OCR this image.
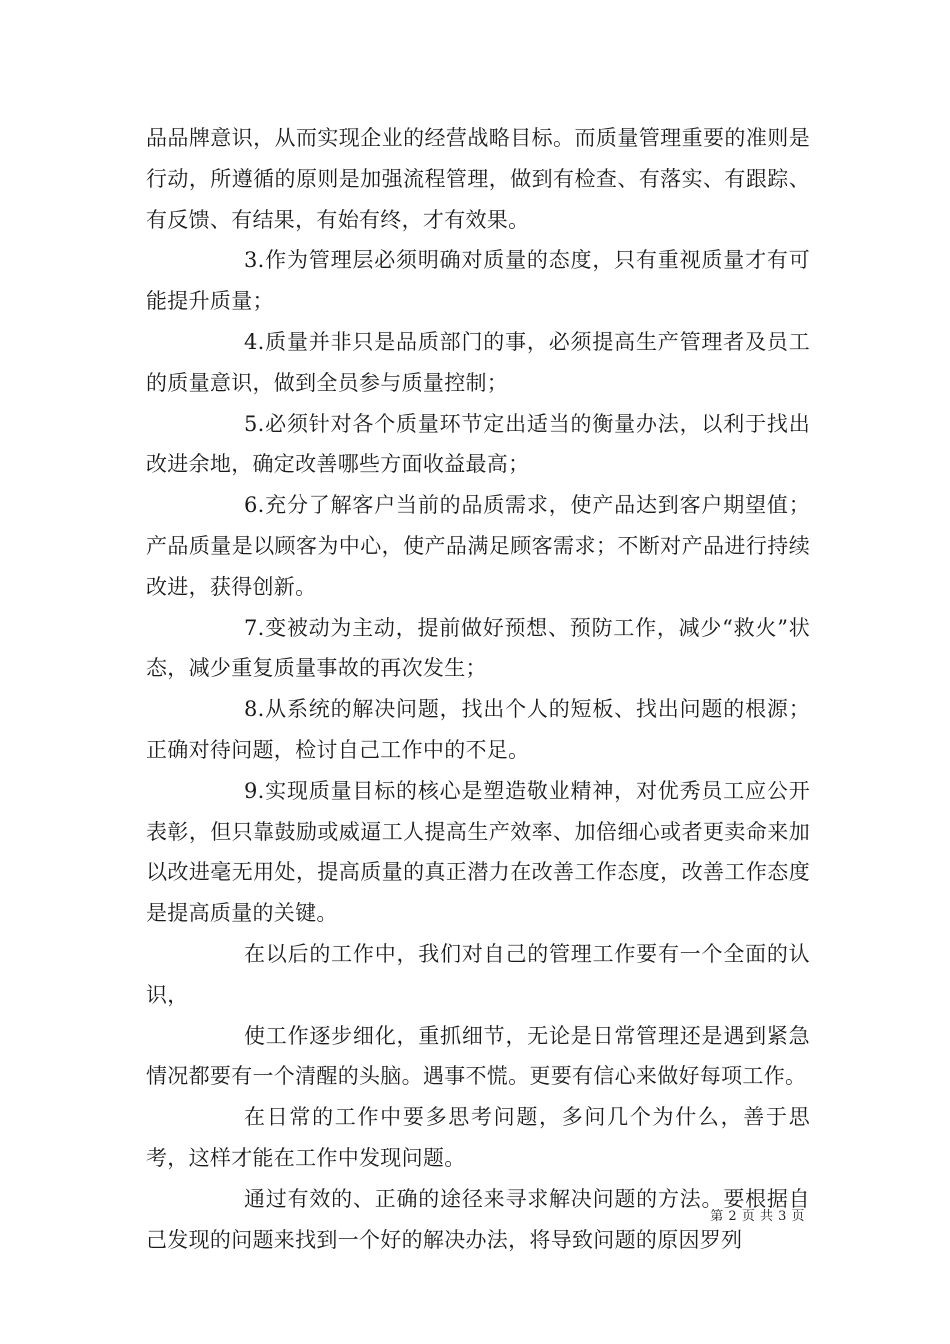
品品牌意识，从而实现企业的经营战略目标。而质量管理重要的准则是行动，所遵循的原则是加强流程管理，做到有检查、有落实、有跟踪、有反馈、有结果，有始有终，才有效果。

3.作为管理层必须明确对质量的态度，只有重视质量才有可能提升质量；

4.质量并非只是品质部门的事，必须提高生产管理者及员工的质量意识，做到全员参与质量控制；

5.必须针对各个质量环节定出适当的衡量办法，以利于找出改进余地，确定改善哪些方面收益最高；

6.充分了解客户当前的品质需求，使产品达到客户期望值；产品质量是以顾客为中心，使产品满足顾客需求；不断对产品进行持续改进，获得创新。

7.变被动为主动，提前做好预想、预防工作，减少“救火”状态，减少重复质量事故的再次发生；

8.从系统的解决问题，找出个人的短板、找出问题的根源；正确对待问题，检讨自己工作中的不足。

9.实现质量目标的核心是塑造敬业精神，对优秀员工应公开表彰，但只靠鼓励或威逼工人提高生产效率、加倍细心或者更卖命来加以改进毫无用处，提高质量的真正潜力在改善工作态度，改善工作态度是提高质量的关键。

在以后的工作中，我们对自己的管理工作要有一个全面的认识，

使工作逐步细化，重抓细节，无论是日常管理还是遇到紧急情况都要有一个清醒的头脑。遇事不慌。更要有信心来做好每项工作。

在日常的工作中要多思考问题，多问几个为什么，善于思考，这样才能在工作中发现问题。

通过有效的、正确的途径来寻求解决问题的方法。要根据自己发现的问题来找到一个好的解决办法，将导致问题的原因罗列

第 2 页 共 3 页
